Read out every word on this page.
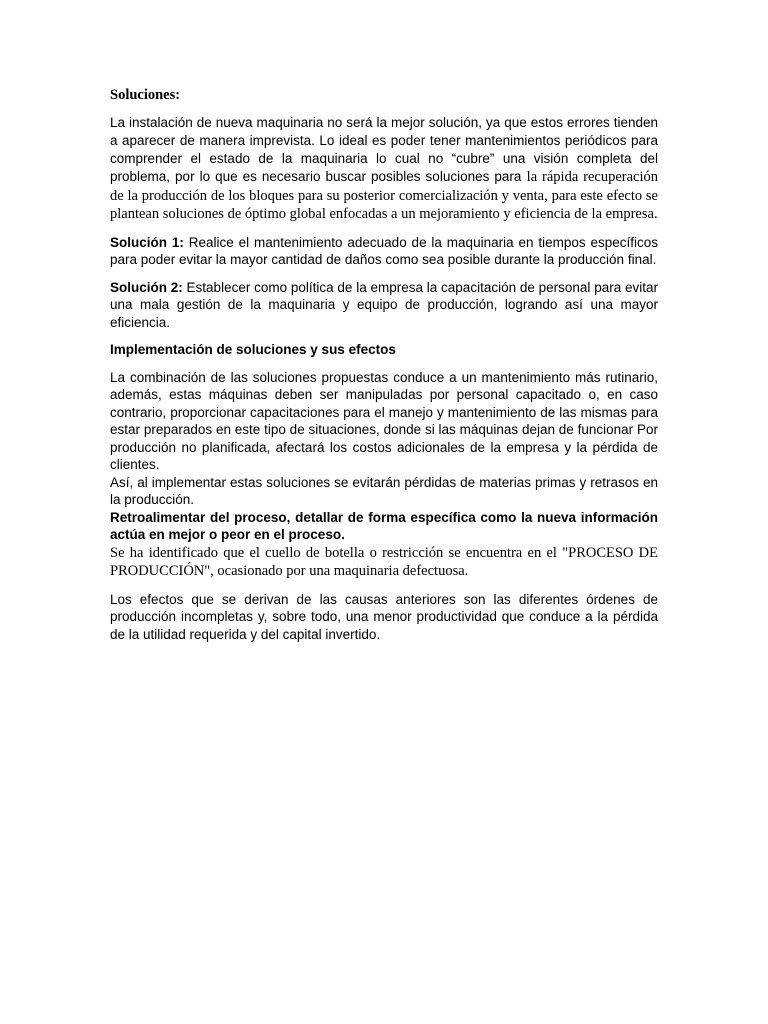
Soluciones:

La instalación de nueva maquinaria no será la mejor solución, ya que estos errores tienden a aparecer de manera imprevista. Lo ideal es poder tener mantenimientos periódicos para comprender el estado de la maquinaria lo cual no “cubre” una visión completa del problema, por lo que es necesario buscar posibles soluciones para la rápida recuperación de la producción de los bloques para su posterior comercialización y venta, para este efecto se plantean soluciones de óptimo global enfocadas a un mejoramiento y eficiencia de la empresa.

Solución 1: Realice el mantenimiento adecuado de la maquinaria en tiempos específicos para poder evitar la mayor cantidad de daños como sea posible durante la producción final.

Solución 2: Establecer como política de la empresa la capacitación de personal para evitar una mala gestión de la maquinaria y equipo de producción, logrando así una mayor eficiencia.

Implementación de soluciones y sus efectos

La combinación de las soluciones propuestas conduce a un mantenimiento más rutinario, además, estas máquinas deben ser manipuladas por personal capacitado o, en caso contrario, proporcionar capacitaciones para el manejo y mantenimiento de las mismas para estar preparados en este tipo de situaciones, donde si las máquinas dejan de funcionar Por producción no planificada, afectará los costos adicionales de la empresa y la pérdida de clientes.

Así, al implementar estas soluciones se evitarán pérdidas de materias primas y retrasos en la producción.

Retroalimentar del proceso, detallar de forma específica como la nueva información actúa en mejor o peor en el proceso.

Se ha identificado que el cuello de botella o restricción se encuentra en el "PROCESO DE PRODUCCIÓN", ocasionado por una maquinaria defectuosa.

Los efectos que se derivan de las causas anteriores son las diferentes órdenes de producción incompletas y, sobre todo, una menor productividad que conduce a la pérdida de la utilidad requerida y del capital invertido.
